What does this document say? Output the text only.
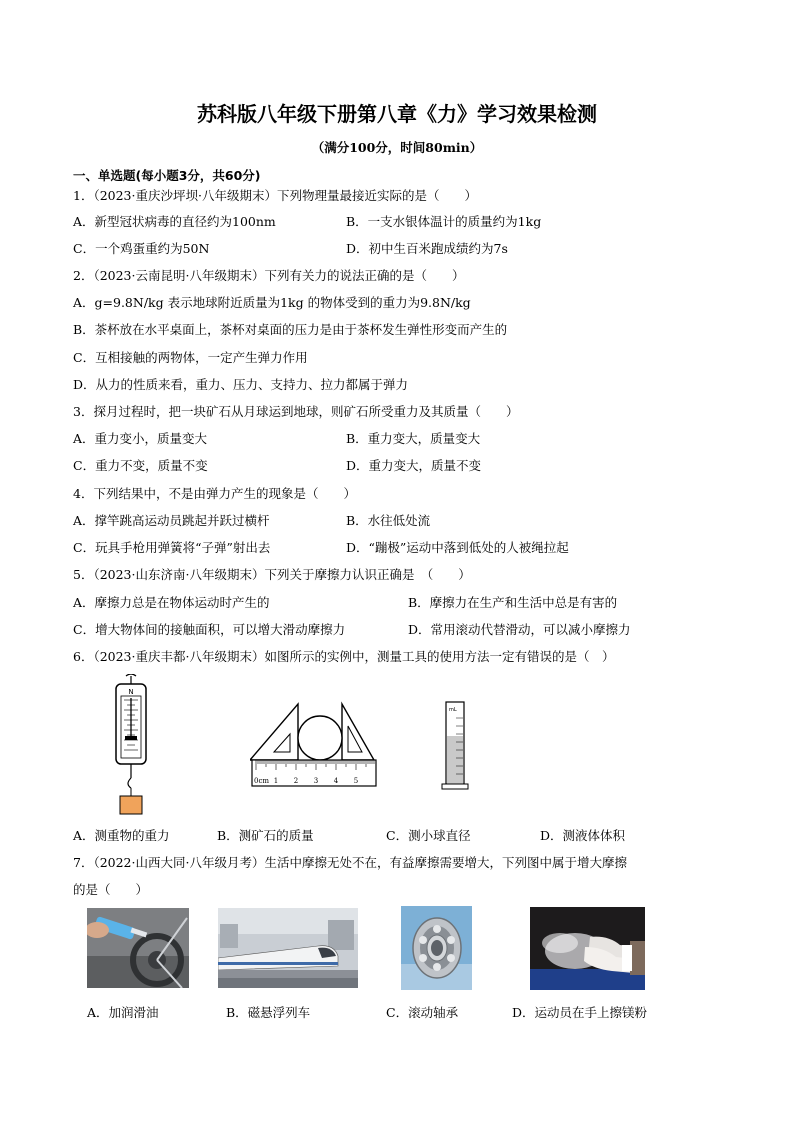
苏科版八年级下册第八章《力》学习效果检测
（满分100分，时间80min）
一、单选题(每小题3分，共60分)
1．（2023·重庆沙坪坝·八年级期末）下列物理量最接近实际的是（　　）
A．新型冠状病毒的直径约为100nm	B．一支水银体温计的质量约为1kg
C．一个鸡蛋重约为50N	D．初中生百米跑成绩约为7s
2．（2023·云南昆明·八年级期末）下列有关力的说法正确的是（　　）
A．g=9.8N/kg 表示地球附近质量为1kg 的物体受到的重力为9.8N/kg
B．茶杯放在水平桌面上，茶杯对桌面的压力是由于茶杯发生弹性形变而产生的
C．互相接触的两物体，一定产生弹力作用
D．从力的性质来看，重力、压力、支持力、拉力都属于弹力
3．探月过程时，把一块矿石从月球运到地球，则矿石所受重力及其质量（　　）
A．重力变小，质量变大	B．重力变大，质量变大
C．重力不变，质量不变	D．重力变大，质量不变
4．下列结果中，不是由弹力产生的现象是（　　）
A．撑竿跳高运动员跳起并跃过横杆	B．水往低处流
C．玩具手枪用弹簧将“子弹”射出去	D．“蹦极”运动中落到低处的人被绳拉起
5．（2023·山东济南·八年级期末）下列关于摩擦力认识正确是　（　　）
A．摩擦力总是在物体运动时产生的	B．摩擦力在生产和生活中总是有害的
C．增大物体间的接触面积，可以增大滑动摩擦力	D．常用滚动代替滑动，可以减小摩擦力
6．（2023·重庆丰都·八年级期末）如图所示的实例中，测量工具的使用方法一定有错误的是（　）
N
0cm 1 2 3 4 5
mL
A．测重物的重力	B．测矿石的质量	C．测小球直径	D．测液体体积
7．（2022·山西大同·八年级月考）生活中摩擦无处不在，有益摩擦需要增大，下列图中属于增大摩擦
的是（　　）
A．加润滑油	B．磁悬浮列车	C．滚动轴承	D．运动员在手上擦镁粉
